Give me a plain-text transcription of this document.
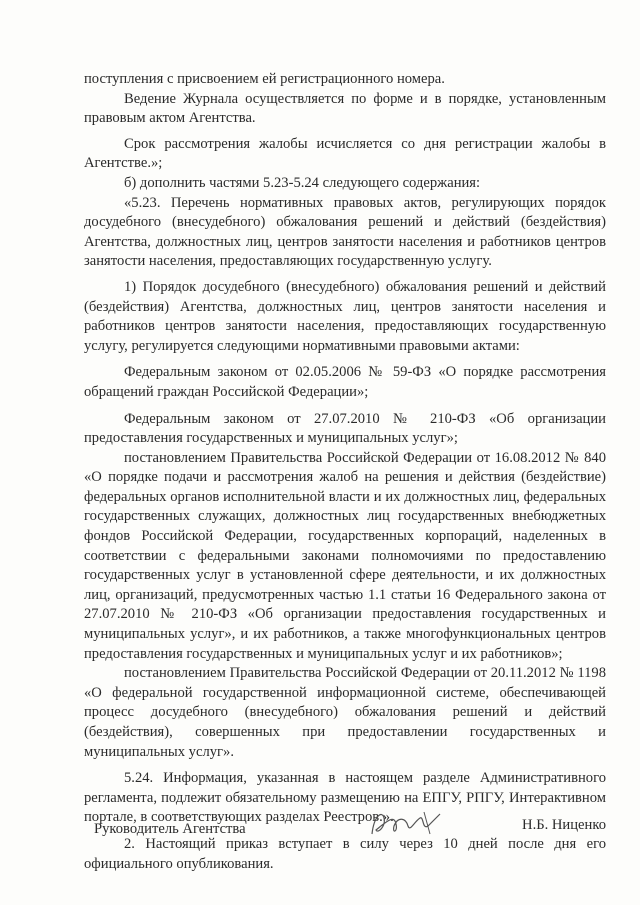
поступления с присвоением ей регистрационного номера.

Ведение Журнала осуществляется по форме и в порядке, установленным правовым актом Агентства.

Срок рассмотрения жалобы исчисляется со дня регистрации жалобы в Агентстве.»;

б) дополнить частями 5.23-5.24 следующего содержания:

«5.23. Перечень нормативных правовых актов, регулирующих порядок досудебного (внесудебного) обжалования решений и действий (бездействия) Агентства, должностных лиц, центров занятости населения и работников центров занятости населения, предоставляющих государственную услугу.

1) Порядок досудебного (внесудебного) обжалования решений и действий (бездействия) Агентства, должностных лиц, центров занятости населения и работников центров занятости населения, предоставляющих государственную услугу, регулируется следующими нормативными правовыми актами:

Федеральным законом от 02.05.2006 № 59-ФЗ «О порядке рассмотрения обращений граждан Российской Федерации»;

Федеральным законом от 27.07.2010 № 210-ФЗ «Об организации предоставления государственных и муниципальных услуг»;

постановлением Правительства Российской Федерации от 16.08.2012 № 840 «О порядке подачи и рассмотрения жалоб на решения и действия (бездействие) федеральных органов исполнительной власти и их должностных лиц, федеральных государственных служащих, должностных лиц государственных внебюджетных фондов Российской Федерации, государственных корпораций, наделенных в соответствии с федеральными законами полномочиями по предоставлению государственных услуг в установленной сфере деятельности, и их должностных лиц, организаций, предусмотренных частью 1.1 статьи 16 Федерального закона от 27.07.2010 № 210-ФЗ «Об организации предоставления государственных и муниципальных услуг», и их работников, а также многофункциональных центров предоставления государственных и муниципальных услуг и их работников»;

постановлением Правительства Российской Федерации от 20.11.2012 № 1198 «О федеральной государственной информационной системе, обеспечивающей процесс досудебного (внесудебного) обжалования решений и действий (бездействия), совершенных при предоставлении государственных и муниципальных услуг».

5.24. Информация, указанная в настоящем разделе Административного регламента, подлежит обязательному размещению на ЕПГУ, РПГУ, Интерактивном портале, в соответствующих разделах Реестров.».

2. Настоящий приказ вступает в силу через 10 дней после дня его официального опубликования.

Руководитель Агентства	Н.Б. Ниценко
